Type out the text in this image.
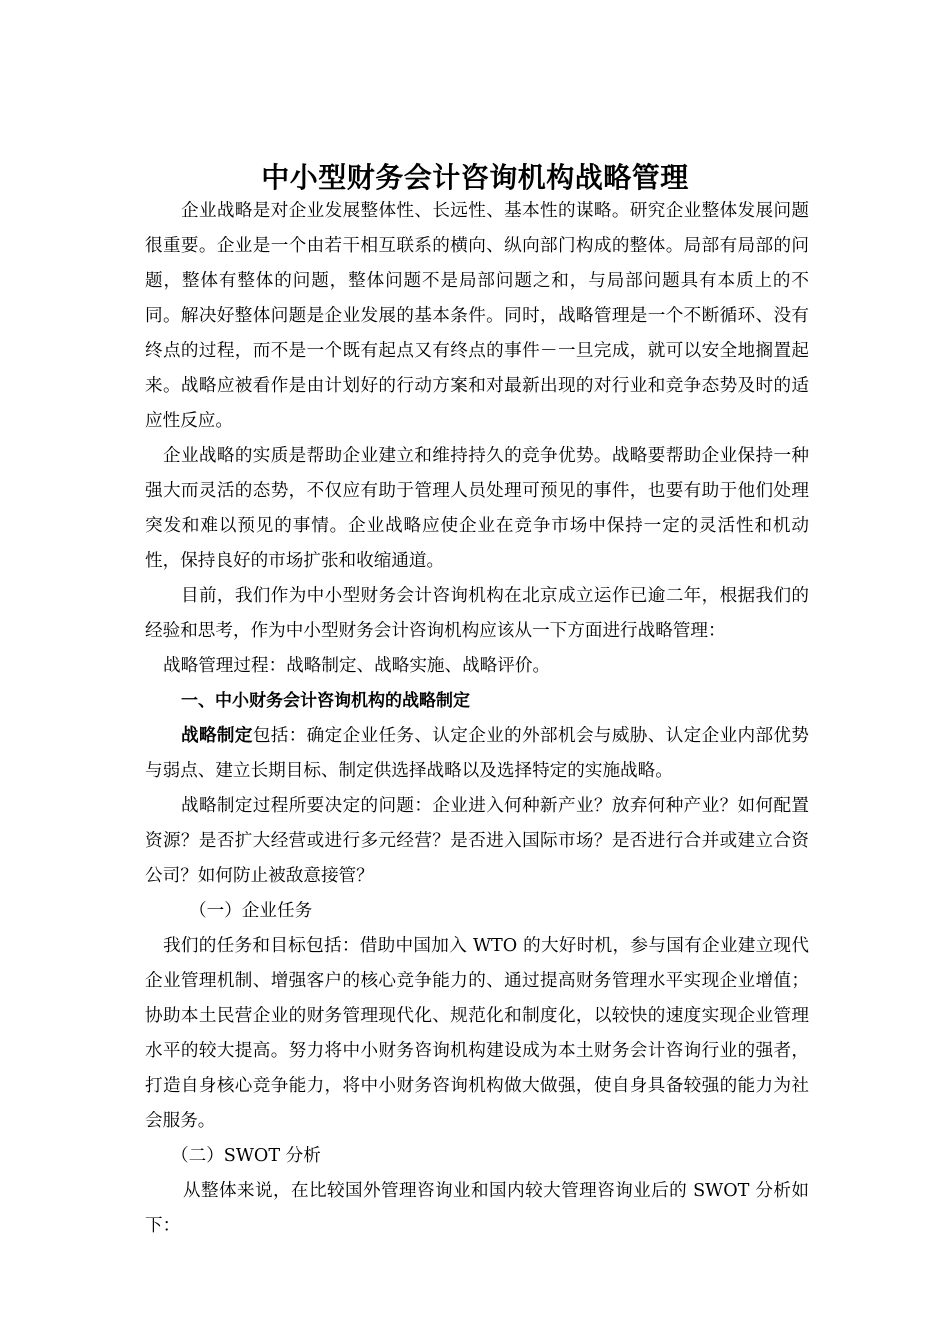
中小型财务会计咨询机构战略管理

企业战略是对企业发展整体性、长远性、基本性的谋略。研究企业整体发展问题很重要。企业是一个由若干相互联系的横向、纵向部门构成的整体。局部有局部的问题，整体有整体的问题，整体问题不是局部问题之和，与局部问题具有本质上的不同。解决好整体问题是企业发展的基本条件。同时，战略管理是一个不断循环、没有终点的过程，而不是一个既有起点又有终点的事件－一旦完成，就可以安全地搁置起来。战略应被看作是由计划好的行动方案和对最新出现的对行业和竞争态势及时的适应性反应。

企业战略的实质是帮助企业建立和维持持久的竞争优势。战略要帮助企业保持一种强大而灵活的态势，不仅应有助于管理人员处理可预见的事件，也要有助于他们处理突发和难以预见的事情。企业战略应使企业在竞争市场中保持一定的灵活性和机动性，保持良好的市场扩张和收缩通道。

目前，我们作为中小型财务会计咨询机构在北京成立运作已逾二年，根据我们的经验和思考，作为中小型财务会计咨询机构应该从一下方面进行战略管理：

战略管理过程：战略制定、战略实施、战略评价。

一、中小财务会计咨询机构的战略制定

战略制定包括：确定企业任务、认定企业的外部机会与威胁、认定企业内部优势与弱点、建立长期目标、制定供选择战略以及选择特定的实施战略。

战略制定过程所要决定的问题：企业进入何种新产业？放弃何种产业？如何配置资源？是否扩大经营或进行多元经营？是否进入国际市场？是否进行合并或建立合资公司？如何防止被敌意接管？

（一）企业任务

我们的任务和目标包括：借助中国加入 WTO 的大好时机，参与国有企业建立现代企业管理机制、增强客户的核心竞争能力的、通过提高财务管理水平实现企业增值；协助本土民营企业的财务管理现代化、规范化和制度化，以较快的速度实现企业管理水平的较大提高。努力将中小财务咨询机构建设成为本土财务会计咨询行业的强者，打造自身核心竞争能力，将中小财务咨询机构做大做强，使自身具备较强的能力为社会服务。

（二）SWOT 分析

从整体来说，在比较国外管理咨询业和国内较大管理咨询业后的 SWOT 分析如下：
